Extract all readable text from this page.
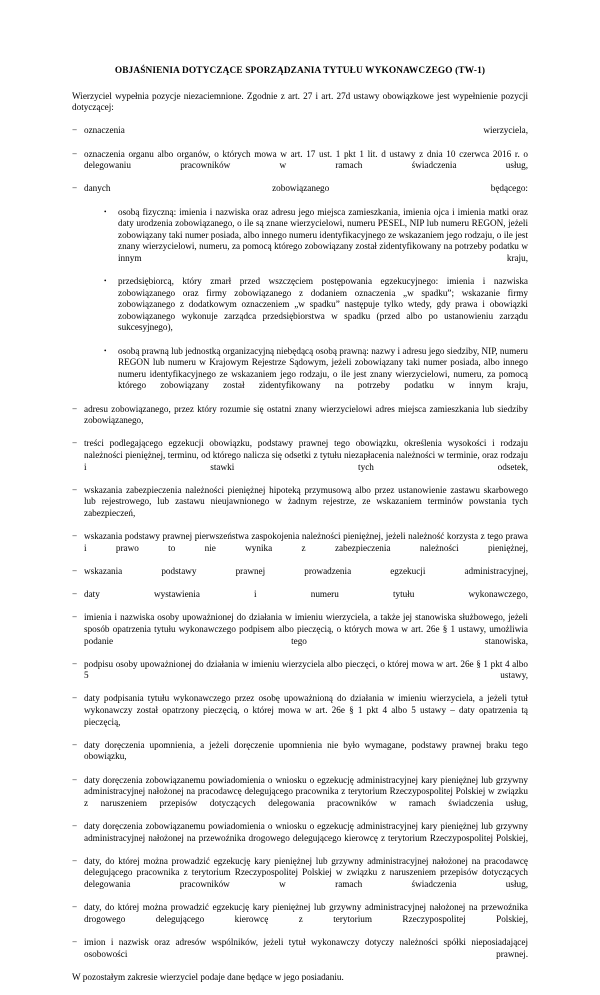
OBJAŚNIENIA DOTYCZĄCE SPORZĄDZANIA TYTUŁU WYKONAWCZEGO (TW-1)

Wierzyciel wypełnia pozycje niezaciemnione. Zgodnie z art. 27 i art. 27d ustawy obowiązkowe jest wypełnienie pozycji dotyczącej:

− oznaczenia wierzyciela,
− oznaczenia organu albo organów, o których mowa w art. 17 ust. 1 pkt 1 lit. d ustawy z dnia 10 czerwca 2016 r. o delegowaniu pracowników w ramach świadczenia usług,
− danych zobowiązanego będącego:
•	osobą fizyczną: imienia i nazwiska oraz adresu jego miejsca zamieszkania, imienia ojca i imienia matki oraz daty urodzenia zobowiązanego, o ile są znane wierzycielowi, numeru PESEL, NIP lub numeru REGON, jeżeli zobowiązany taki numer posiada, albo innego numeru identyfikacyjnego ze wskazaniem jego rodzaju, o ile jest znany wierzycielowi, numeru, za pomocą którego zobowiązany został zidentyfikowany na potrzeby podatku w innym kraju,
•	przedsiębiorcą, który zmarł przed wszczęciem postępowania egzekucyjnego: imienia i nazwiska zobowiązanego oraz firmy zobowiązanego z dodaniem oznaczenia „w spadku”; wskazanie firmy zobowiązanego z dodatkowym oznaczeniem „w spadku” następuje tylko wtedy, gdy prawa i obowiązki zobowiązanego wykonuje zarządca przedsiębiorstwa w spadku (przed albo po ustanowieniu zarządu sukcesyjnego),
•	osobą prawną lub jednostką organizacyjną niebędącą osobą prawną: nazwy i adresu jego siedziby, NIP, numeru REGON lub numeru w Krajowym Rejestrze Sądowym, jeżeli zobowiązany taki numer posiada, albo innego numeru identyfikacyjnego ze wskazaniem jego rodzaju, o ile jest znany wierzycielowi, numeru, za pomocą którego zobowiązany został zidentyfikowany na potrzeby podatku w innym kraju,
− adresu zobowiązanego, przez który rozumie się ostatni znany wierzycielowi adres miejsca zamieszkania lub siedziby zobowiązanego,
− treści podlegającego egzekucji obowiązku, podstawy prawnej tego obowiązku, określenia wysokości i rodzaju należności pieniężnej, terminu, od którego nalicza się odsetki z tytułu niezapłacenia należności w terminie, oraz rodzaju i stawki tych odsetek,
− wskazania zabezpieczenia należności pieniężnej hipoteką przymusową albo przez ustanowienie zastawu skarbowego lub rejestrowego, lub zastawu nieujawnionego w żadnym rejestrze, ze wskazaniem terminów powstania tych zabezpieczeń,
− wskazania podstawy prawnej pierwszeństwa zaspokojenia należności pieniężnej, jeżeli należność korzysta z tego prawa i prawo to nie wynika z zabezpieczenia należności pieniężnej,
− wskazania podstawy prawnej prowadzenia egzekucji administracyjnej,
− daty wystawienia i numeru tytułu wykonawczego,
− imienia i nazwiska osoby upoważnionej do działania w imieniu wierzyciela, a także jej stanowiska służbowego, jeżeli sposób opatrzenia tytułu wykonawczego podpisem albo pieczęcią, o których mowa w art. 26e § 1 ustawy, umożliwia podanie tego stanowiska,
− podpisu osoby upoważnionej do działania w imieniu wierzyciela albo pieczęci, o której mowa w art. 26e § 1 pkt 4 albo 5 ustawy,
− daty podpisania tytułu wykonawczego przez osobę upoważnioną do działania w imieniu wierzyciela, a jeżeli tytuł wykonawczy został opatrzony pieczęcią, o której mowa w art. 26e § 1 pkt 4 albo 5 ustawy – daty opatrzenia tą pieczęcią,
− daty doręczenia upomnienia, a jeżeli doręczenie upomnienia nie było wymagane, podstawy prawnej braku tego obowiązku,
− daty doręczenia zobowiązanemu powiadomienia o wniosku o egzekucję administracyjnej kary pieniężnej lub grzywny administracyjnej nałożonej na pracodawcę delegującego pracownika z terytorium Rzeczypospolitej Polskiej w związku z naruszeniem przepisów dotyczących delegowania pracowników w ramach świadczenia usług,
− daty doręczenia zobowiązanemu powiadomienia o wniosku o egzekucję administracyjnej kary pieniężnej lub grzywny administracyjnej nałożonej na przewoźnika drogowego delegującego kierowcę z terytorium Rzeczypospolitej Polskiej,
− daty, do której można prowadzić egzekucję kary pieniężnej lub grzywny administracyjnej nałożonej na pracodawcę delegującego pracownika z terytorium Rzeczypospolitej Polskiej w związku z naruszeniem przepisów dotyczących delegowania pracowników w ramach świadczenia usług,
− daty, do której można prowadzić egzekucję kary pieniężnej lub grzywny administracyjnej nałożonej na przewoźnika drogowego delegującego kierowcę z terytorium Rzeczypospolitej Polskiej,
− imion i nazwisk oraz adresów wspólników, jeżeli tytuł wykonawczy dotyczy należności spółki nieposiadającej osobowości prawnej.

W pozostałym zakresie wierzyciel podaje dane będące w jego posiadaniu.
